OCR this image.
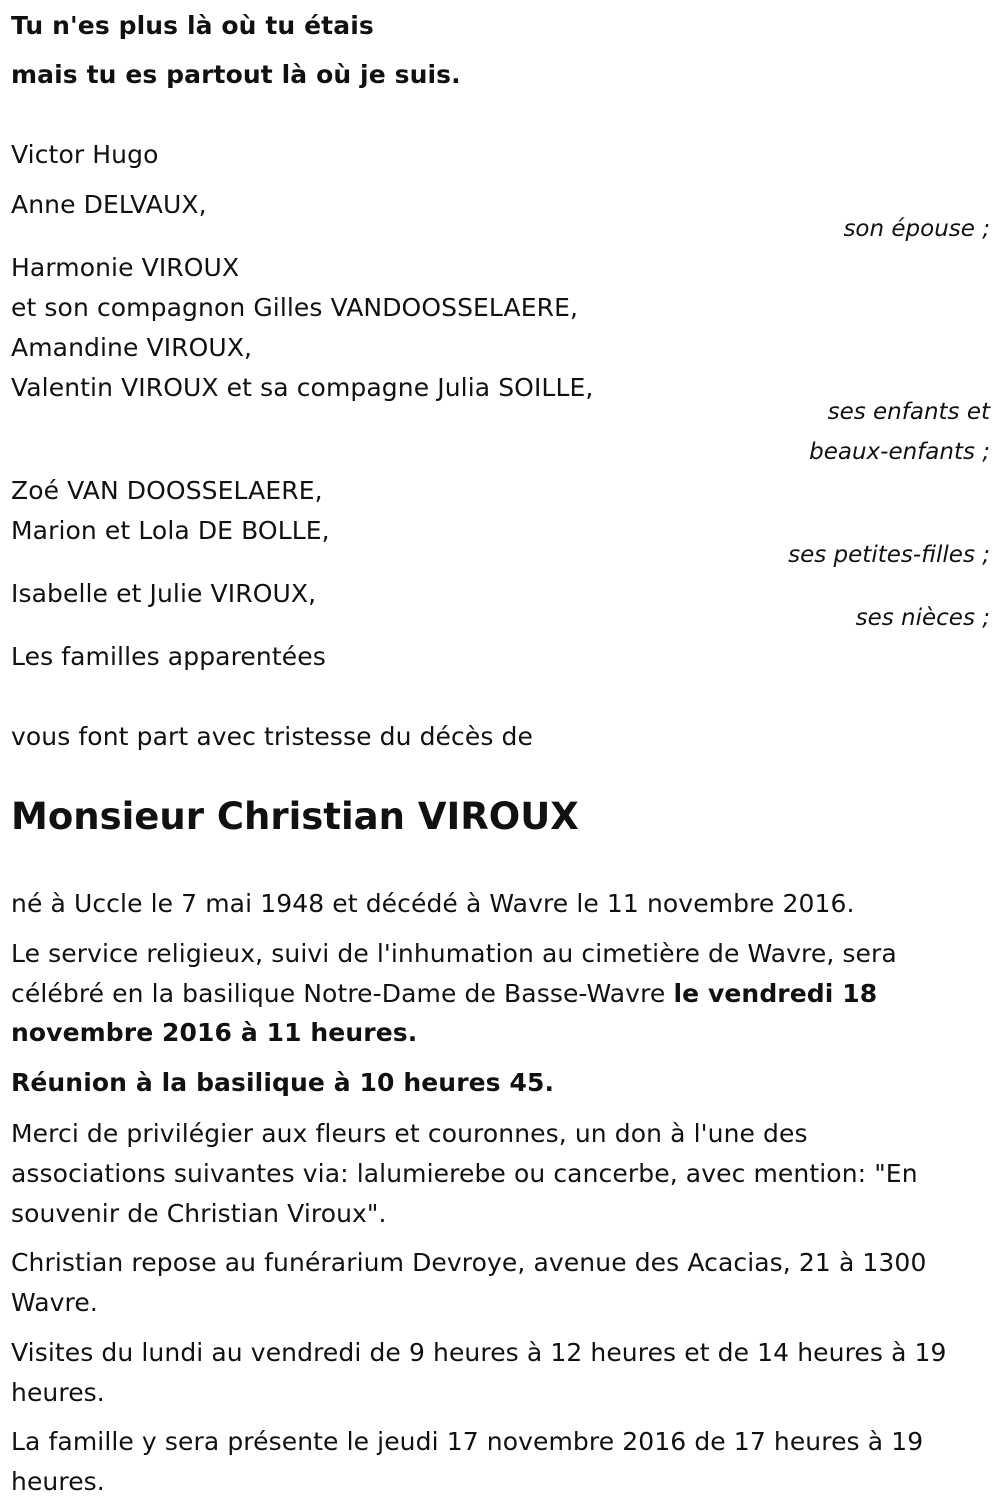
Tu n'es plus là où tu étais
mais tu es partout là où je suis.
Victor Hugo
Anne DELVAUX,
son épouse ;
Harmonie VIROUX
et son compagnon Gilles VANDOOSSELAERE,
Amandine VIROUX,
Valentin VIROUX et sa compagne Julia SOILLE,
ses enfants et
beaux-enfants ;
Zoé VAN DOOSSELAERE,
Marion et Lola DE BOLLE,
ses petites-filles ;
Isabelle et Julie VIROUX,
ses nièces ;
Les familles apparentées
vous font part avec tristesse du décès de
Monsieur Christian VIROUX
né à Uccle le 7 mai 1948 et décédé à Wavre le 11 novembre 2016.
Le service religieux, suivi de l'inhumation au cimetière de Wavre, sera
célébré en la basilique Notre-Dame de Basse-Wavre le vendredi 18
novembre 2016 à 11 heures.
Réunion à la basilique à 10 heures 45.
Merci de privilégier aux fleurs et couronnes, un don à l'une des
associations suivantes via: lalumierebe ou cancerbe, avec mention: "En
souvenir de Christian Viroux".
Christian repose au funérarium Devroye, avenue des Acacias, 21 à 1300
Wavre.
Visites du lundi au vendredi de 9 heures à 12 heures et de 14 heures à 19
heures.
La famille y sera présente le jeudi 17 novembre 2016 de 17 heures à 19
heures.
